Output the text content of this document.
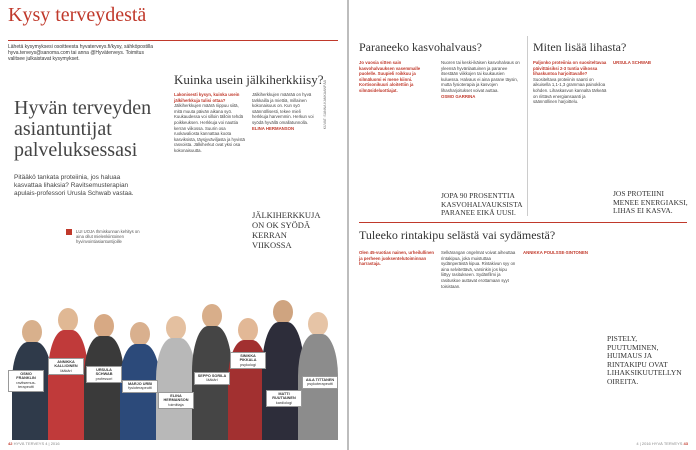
Kysy terveydestä
Lähetä kysymyksesi osoitteesta hyvaterveys.fi/kysy, sähköpostilla hyva.terveys@sanoma.com tai anna @Hyväterveys. Toimitus valitsee julkaistavat kysymykset.
Hyvän terveyden asiantuntijat palveluksessasi
Pitääkö tankata proteiinia, jos haluaa kasvattaa lihaksia? Ravitsemusterapian apulais-professori Urusla Schwab vastaa.
LUI UOJA Ihmiskunnan kehitys on aina ollut mielenkiintoinen hyvinvointiasiantuntijoille
Kuinka usein jälkiherkkiisy?
Lakonisesti kysyn, kuinka usein jälkiherkkuja tulisi ottaa? Jälkiherkkujen määrä riippuu siitä, mitä muuta päivän aikana syö. Kuukaudessa voi silloin tällöin tehdä poikkeuksen. Herkkuja voi nauttia kerran viikossa. Suurin osa ruokavaliosta kannattaa koota kasviksista, täysjyväviljasta ja hyvistä rasvoista. Jälkiherkut ovat yksi osa kokonaisuutta.
Jälkiherkkujen määrää on hyvä tarkkailla ja miettiä, millainen kokonaisuus on. Kun syö säännöllisesti, tekee mieli herkkuja harvemmin. Herkun voi syödä hyvällä omallatunnolla.
ELINA HERMANSON
JÄLKIHERKKUJA ON OK SYÖDÄ KERRAN VIIKOSSA
KUVAT: SANNA KANKAANPÄÄ
OSMO FRANKLIN
ravitsemus-terapeutti
ANNIKKA KALLIOINEN
lääkäri	URSULA SCHWAB
professori
MARJO URBI
fysioterapeutti
ELINA HERMANSON
toimittaja
SEPPO SORILA
lääkäri
SINIKKA PIKKALA
psykologi
MATTI RUUTIAINEN
kardiologi
AILA TITTANEN
psykoterapeutti
42 HYVÄ TERVEYS 4 | 2016
Paraneeko kasvohalvaus?
Jo vuosia sitten sain kasvohalvauksen vasemmalle puolelle. Suupieli roikkuu ja silmäluomi ei mene kiinni. Kortisonikuuri aloitettiin ja silmäsideluottiajat.
Nuoren tai keski-ikäisen kasvohalvaus on yleensä hyvänlaatuinen ja paranee itsestään viikkojen tai kuukausien kuluessa. Halvaus ei aina parane täysin, mutta fysioterapia ja kasvojen lihasharjoitukset voivat auttaa.
OSMO GARRINA
JOPA 90 PROSENTTIA KASVOHALVAUKSISTA PARANEE EIKÄ UUSI.
Miten lisää lihasta?
Paljonko proteiinia on suositeltavaa päivittäisiksi 2-3 tuntia viikossa lihaskuntoa harjoittavalle? Suositeltava proteiinin saanti on aikuisella 1,1-1,3 grammaa painokiloa kohden. Lihaskasvun kannalta tärkeää on riittävä energiansaanti ja säännöllinen harjoittelu.
URSULA SCHWAB
JOS PROTEIINI MENEE ENERGIAKSI, LIHAS EI KASVA.
Tuleeko rintakipu selästä vai sydämestä?
Olen 45-vuotias nainen, urheilullinen ja perheen juoksentelutoiminnan harrastaja.
Selkärangan ongelmat voivat aiheuttaa rintakipua, joka muistuttaa sydänperäistä kipua. Rintakivun syy on aina selvitettävä, varsinkin jos kipu liittyy rasitukseen. Sydänfilmi ja rasituskoe auttavat erottamaan syyt toisistaan.
ANNIKKA POULSSE-SINTONEN
PISTELY, PUUTUMINEN, HUIMAUS JA RINTAKIPU OVAT LIHAKSIKUUTELLYN OIREITA.
4 | 2016 HYVÄ TERVEYS 43
